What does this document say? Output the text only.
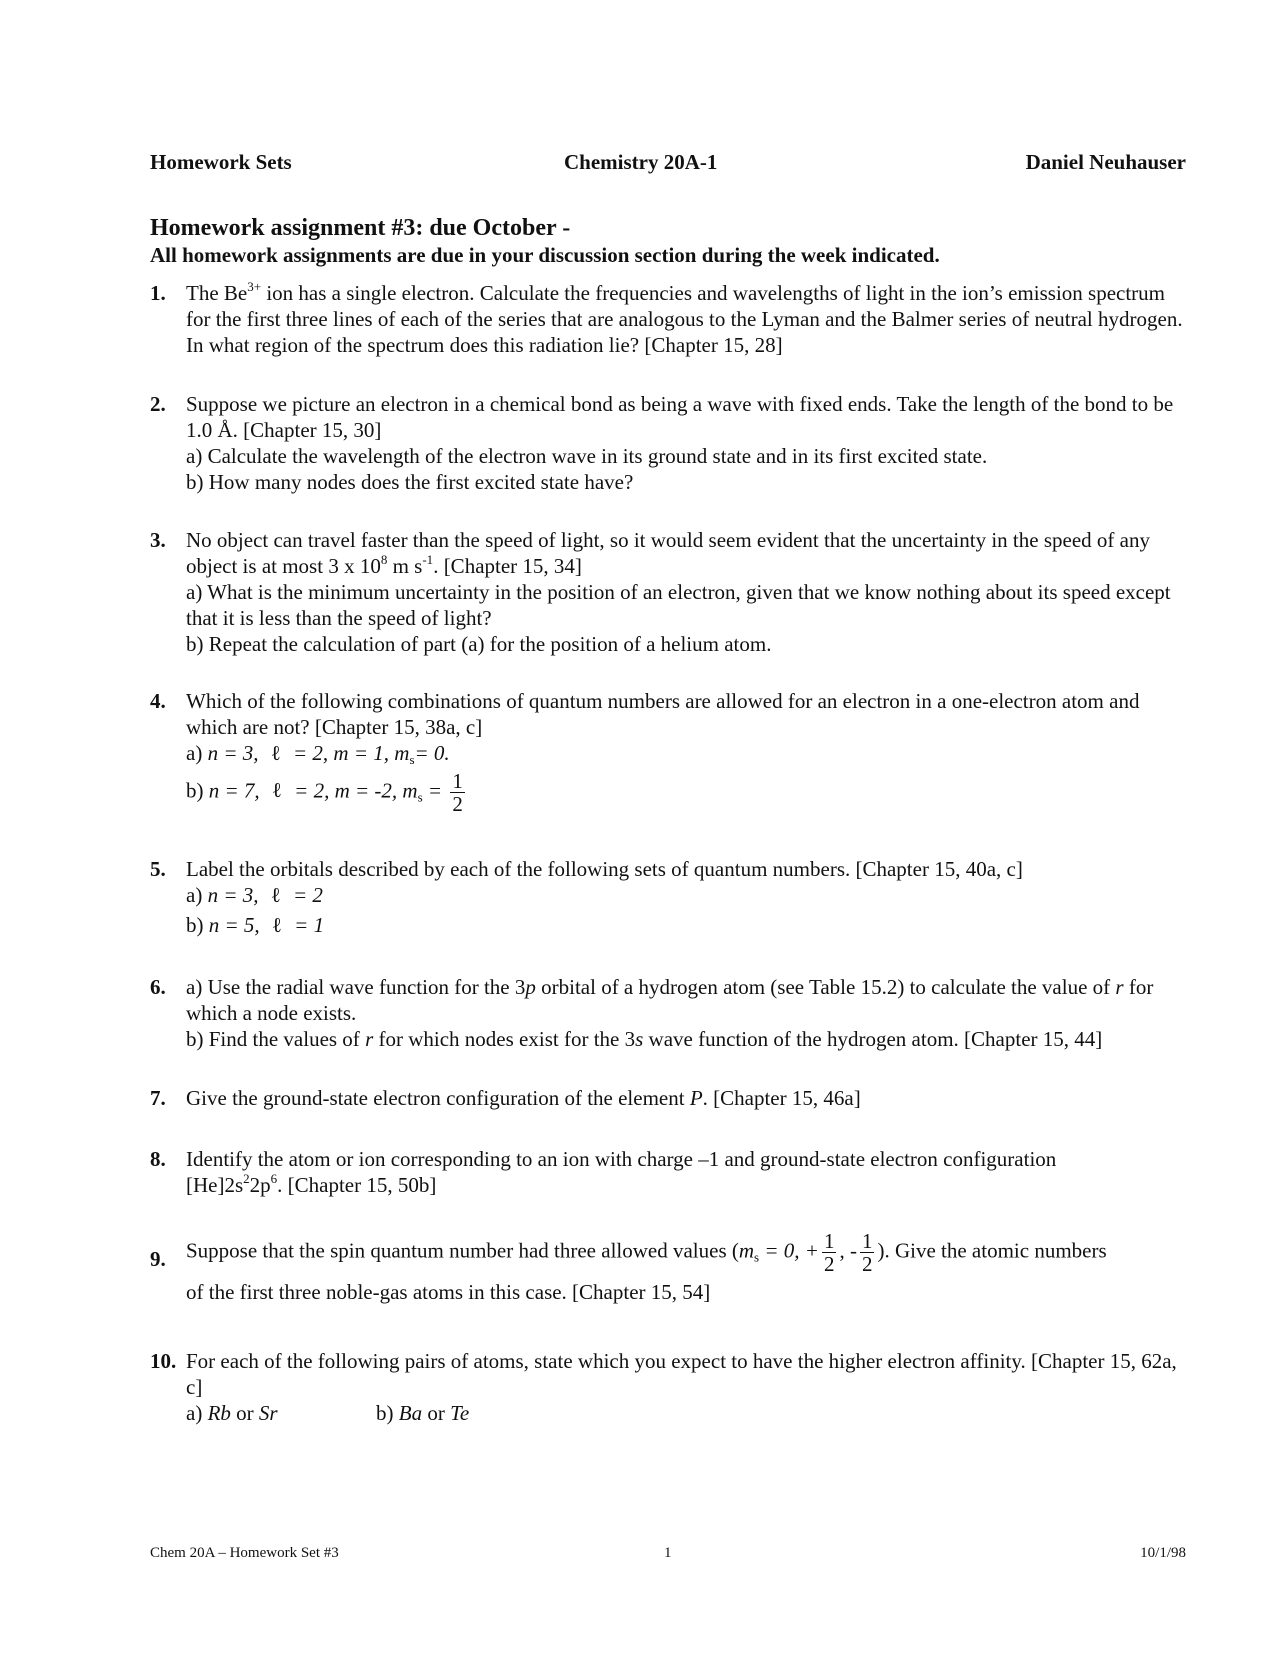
Homework Sets	Chemistry 20A-1	Daniel Neuhauser
Homework assignment #3: due October -

All homework assignments are due in your discussion section during the week indicated.

1. The $Be^{3+}$ ion has a single electron. Calculate the frequencies and wavelengths of light in the ion’s emission spectrum for the first three lines of each of the series that are analogous to the Lyman and the Balmer series of neutral hydrogen. In what region of the spectrum does this radiation lie? [Chapter 15, 28]
2. Suppose we picture an electron in a chemical bond as being a wave with fixed ends. Take the length of the bond to be 1.0 Å. [Chapter 15, 30]
a) Calculate the wavelength of the electron wave in its ground state and in its first excited state.
b) How many nodes does the first excited state have?
3. No object can travel faster than the speed of light, so it would seem evident that the uncertainty in the speed of any object is at most 3 x $10^8$ m $s^{-1}$. [Chapter 15, 34]
a) What is the minimum uncertainty in the position of an electron, given that we know nothing about its speed except that it is less than the speed of light?
b) Repeat the calculation of part (a) for the position of a helium atom.
4. Which of the following combinations of quantum numbers are allowed for an electron in a one-electron atom and which are not? [Chapter 15, 38a, c]
a) n = 3, ℓ = 2, m = 1, $m_s= 0$.
b) n = 7, ℓ = 2, m = -2, $m_s = \frac{1}{2}$
5. Label the orbitals described by each of the following sets of quantum numbers. [Chapter 15, 40a, c]
a) n = 3, ℓ = 2
b) n = 5, ℓ = 1
6. a) Use the radial wave function for the 3p orbital of a hydrogen atom (see Table 15.2) to calculate the value of r for which a node exists.
b) Find the values of r for which nodes exist for the 3s wave function of the hydrogen atom. [Chapter 15, 44]
7. Give the ground-state electron configuration of the element P. [Chapter 15, 46a]
8. Identify the atom or ion corresponding to an ion with charge –1 and ground-state electron configuration
$[He]2s^22p^6$. [Chapter 15, 50b]
9. Suppose that the spin quantum number had three allowed values ($m_s = 0$, + $\frac{1}{2}$ , - $\frac{1}{2}$ ). Give the atomic numbers
of the first three noble-gas atoms in this case. [Chapter 15, 54]
10. For each of the following pairs of atoms, state which you expect to have the higher electron affinity. [Chapter 15, 62a, c]
a) Rb or Sr	b) Ba or Te
Chem 20A – Homework Set #3	1	10/1/98
